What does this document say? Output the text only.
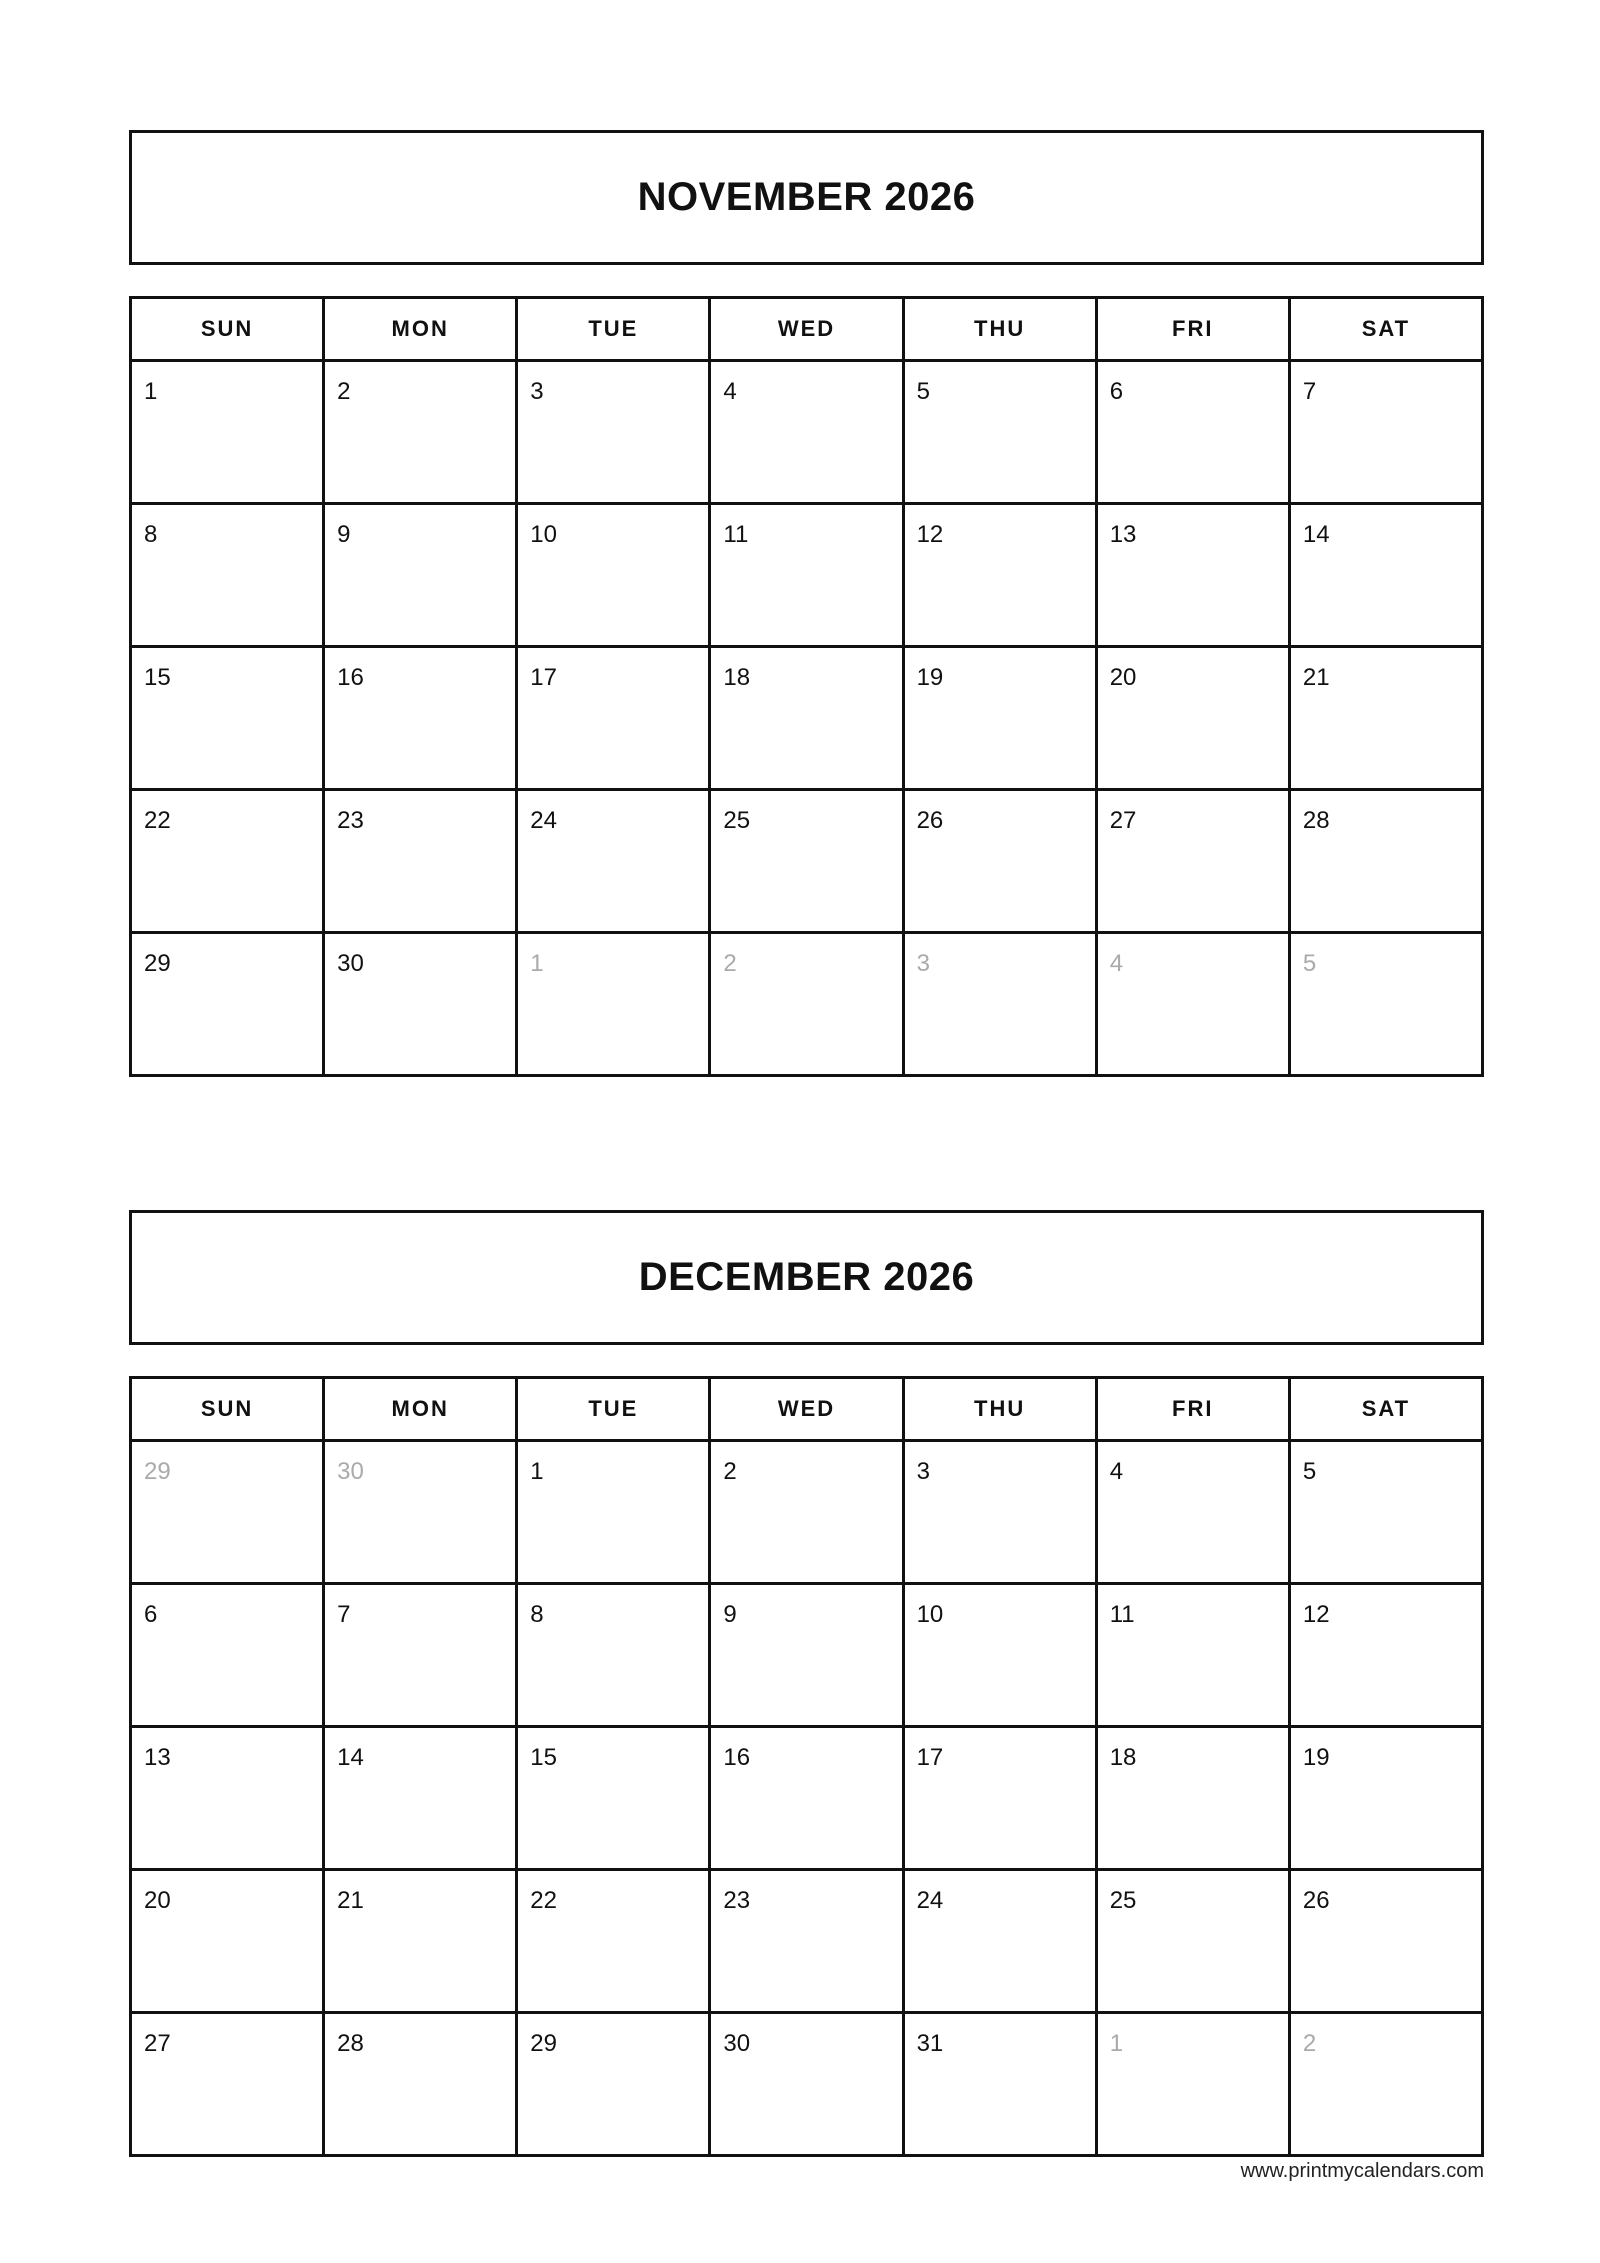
NOVEMBER 2026
SUN	MON	TUE	WED	THU	FRI	SAT

1	2	3	4	5	6	7

8	9	10	11	12	13	14

15	16	17	18	19	20	21

22	23	24	25	26	27	28

29	30	1	2	3	4	5
DECEMBER 2026
SUN	MON	TUE	WED	THU	FRI	SAT

29	30	1	2	3	4	5

6	7	8	9	10	11	12

13	14	15	16	17	18	19

20	21	22	23	24	25	26

27	28	29	30	31	1	2
www.printmycalendars.com
